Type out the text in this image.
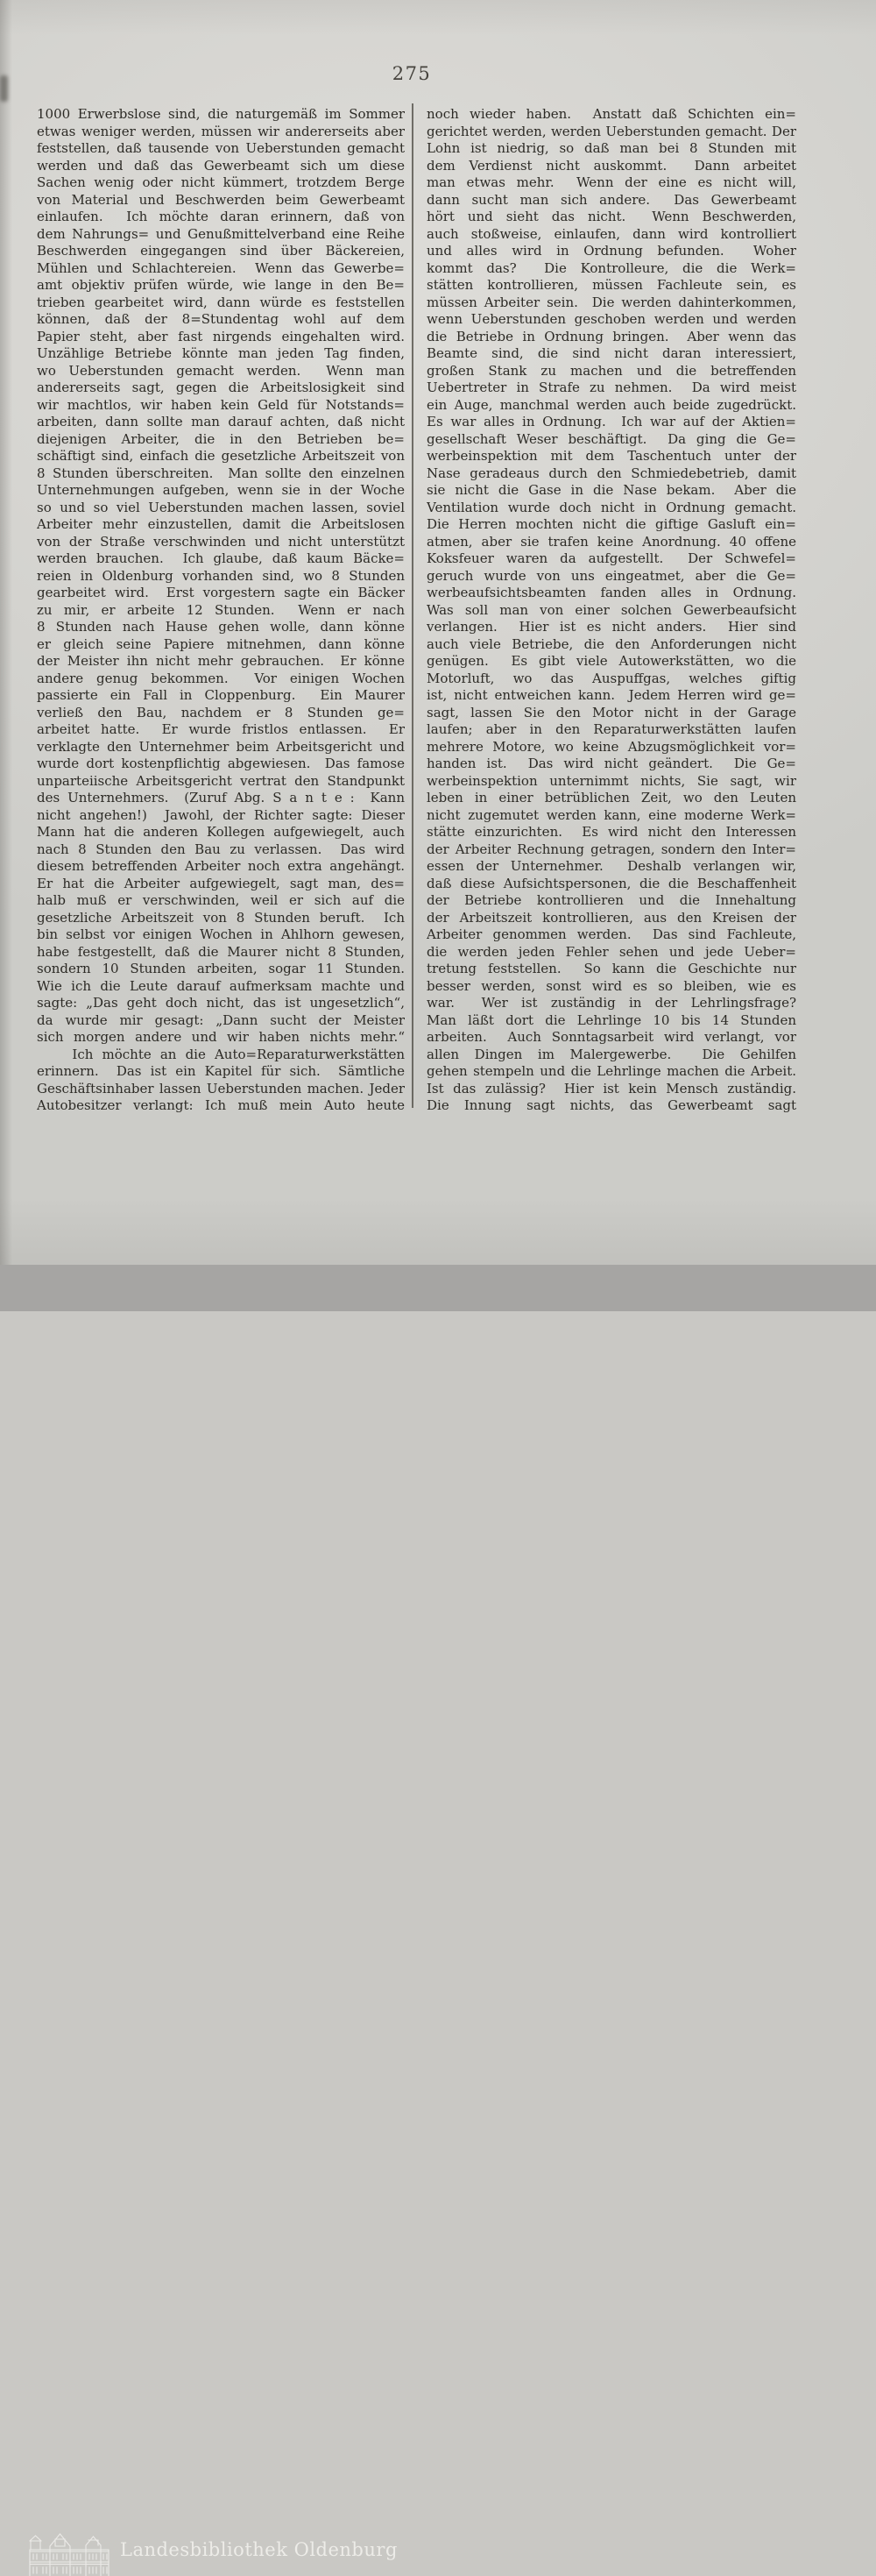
275
1000 Erwerbslose sind, die naturgemäß im Sommer
etwas weniger werden, müssen wir andererseits aber
feststellen, daß tausende von Ueberstunden gemacht
werden und daß das Gewerbeamt sich um diese
Sachen wenig oder nicht kümmert, trotzdem Berge
von Material und Beschwerden beim Gewerbeamt
einlaufen.  Ich möchte daran erinnern, daß von
dem Nahrungs= und Genußmittelverband eine Reihe
Beschwerden eingegangen sind über Bäckereien,
Mühlen und Schlachtereien.  Wenn das Gewerbe=
amt objektiv prüfen würde, wie lange in den Be=
trieben gearbeitet wird, dann würde es feststellen
können, daß der 8=Stundentag wohl auf dem
Papier steht, aber fast nirgends eingehalten wird.
Unzählige Betriebe könnte man jeden Tag finden,
wo Ueberstunden gemacht werden.  Wenn man
andererseits sagt, gegen die Arbeitslosigkeit sind
wir machtlos, wir haben kein Geld für Notstands=
arbeiten, dann sollte man darauf achten, daß nicht
diejenigen Arbeiter, die in den Betrieben be=
schäftigt sind, einfach die gesetzliche Arbeitszeit von
8 Stunden überschreiten.  Man sollte den einzelnen
Unternehmungen aufgeben, wenn sie in der Woche
so und so viel Ueberstunden machen lassen, soviel
Arbeiter mehr einzustellen, damit die Arbeitslosen
von der Straße verschwinden und nicht unterstützt
werden brauchen.  Ich glaube, daß kaum Bäcke=
reien in Oldenburg vorhanden sind, wo 8 Stunden
gearbeitet wird.  Erst vorgestern sagte ein Bäcker
zu mir, er arbeite 12 Stunden.  Wenn er nach
8 Stunden nach Hause gehen wolle, dann könne
er gleich seine Papiere mitnehmen, dann könne
der Meister ihn nicht mehr gebrauchen.  Er könne
andere genug bekommen.  Vor einigen Wochen
passierte ein Fall in Cloppenburg.  Ein Maurer
verließ den Bau, nachdem er 8 Stunden ge=
arbeitet hatte.  Er wurde fristlos entlassen.  Er
verklagte den Unternehmer beim Arbeitsgericht und
wurde dort kostenpflichtig abgewiesen.  Das famose
unparteiische Arbeitsgericht vertrat den Standpunkt
des Unternehmers.  (Zuruf Abg. S a n t e :  Kann
nicht angehen!)  Jawohl, der Richter sagte: Dieser
Mann hat die anderen Kollegen aufgewiegelt, auch
nach 8 Stunden den Bau zu verlassen.  Das wird
diesem betreffenden Arbeiter noch extra angehängt.
Er hat die Arbeiter aufgewiegelt, sagt man, des=
halb muß er verschwinden, weil er sich auf die
gesetzliche Arbeitszeit von 8 Stunden beruft.  Ich
bin selbst vor einigen Wochen in Ahlhorn gewesen,
habe festgestellt, daß die Maurer nicht 8 Stunden,
sondern 10 Stunden arbeiten, sogar 11 Stunden.
Wie ich die Leute darauf aufmerksam machte und
sagte: „Das geht doch nicht, das ist ungesetzlich“,
da wurde mir gesagt: „Dann sucht der Meister
sich morgen andere und wir haben nichts mehr.“
Ich möchte an die Auto=Reparaturwerkstätten
erinnern.  Das ist ein Kapitel für sich.  Sämtliche
Geschäftsinhaber lassen Ueberstunden machen. Jeder
Autobesitzer verlangt: Ich muß mein Auto heute
noch wieder haben.  Anstatt daß Schichten ein=
gerichtet werden, werden Ueberstunden gemacht. Der
Lohn ist niedrig, so daß man bei 8 Stunden mit
dem Verdienst nicht auskommt.  Dann arbeitet
man etwas mehr.  Wenn der eine es nicht will,
dann sucht man sich andere.  Das Gewerbeamt
hört und sieht das nicht.  Wenn Beschwerden,
auch stoßweise, einlaufen, dann wird kontrolliert
und alles wird in Ordnung befunden.  Woher
kommt das?  Die Kontrolleure, die die Werk=
stätten kontrollieren, müssen Fachleute sein, es
müssen Arbeiter sein.  Die werden dahinterkommen,
wenn Ueberstunden geschoben werden und werden
die Betriebe in Ordnung bringen.  Aber wenn das
Beamte sind, die sind nicht daran interessiert,
großen Stank zu machen und die betreffenden
Uebertreter in Strafe zu nehmen.  Da wird meist
ein Auge, manchmal werden auch beide zugedrückt.
Es war alles in Ordnung.  Ich war auf der Aktien=
gesellschaft Weser beschäftigt.  Da ging die Ge=
werbeinspektion mit dem Taschentuch unter der
Nase geradeaus durch den Schmiedebetrieb, damit
sie nicht die Gase in die Nase bekam.  Aber die
Ventilation wurde doch nicht in Ordnung gemacht.
Die Herren mochten nicht die giftige Gasluft ein=
atmen, aber sie trafen keine Anordnung. 40 offene
Koksfeuer waren da aufgestellt.  Der Schwefel=
geruch wurde von uns eingeatmet, aber die Ge=
werbeaufsichtsbeamten fanden alles in Ordnung.
Was soll man von einer solchen Gewerbeaufsicht
verlangen.  Hier ist es nicht anders.  Hier sind
auch viele Betriebe, die den Anforderungen nicht
genügen.  Es gibt viele Autowerkstätten, wo die
Motorluft, wo das Auspuffgas, welches giftig
ist, nicht entweichen kann.  Jedem Herren wird ge=
sagt, lassen Sie den Motor nicht in der Garage
laufen; aber in den Reparaturwerkstätten laufen
mehrere Motore, wo keine Abzugsmöglichkeit vor=
handen ist.  Das wird nicht geändert.  Die Ge=
werbeinspektion unternimmt nichts, Sie sagt, wir
leben in einer betrüblichen Zeit, wo den Leuten
nicht zugemutet werden kann, eine moderne Werk=
stätte einzurichten.  Es wird nicht den Interessen
der Arbeiter Rechnung getragen, sondern den Inter=
essen der Unternehmer.  Deshalb verlangen wir,
daß diese Aufsichtspersonen, die die Beschaffenheit
der Betriebe kontrollieren und die Innehaltung
der Arbeitszeit kontrollieren, aus den Kreisen der
Arbeiter genommen werden.  Das sind Fachleute,
die werden jeden Fehler sehen und jede Ueber=
tretung feststellen.  So kann die Geschichte nur
besser werden, sonst wird es so bleiben, wie es
war.  Wer ist zuständig in der Lehrlingsfrage?
Man läßt dort die Lehrlinge 10 bis 14 Stunden
arbeiten.  Auch Sonntagsarbeit wird verlangt, vor
allen Dingen im Malergewerbe.  Die Gehilfen
gehen stempeln und die Lehrlinge machen die Arbeit.
Ist das zulässig?  Hier ist kein Mensch zuständig.
Die Innung sagt nichts, das Gewerbeamt sagt
Landesbibliothek Oldenburg
